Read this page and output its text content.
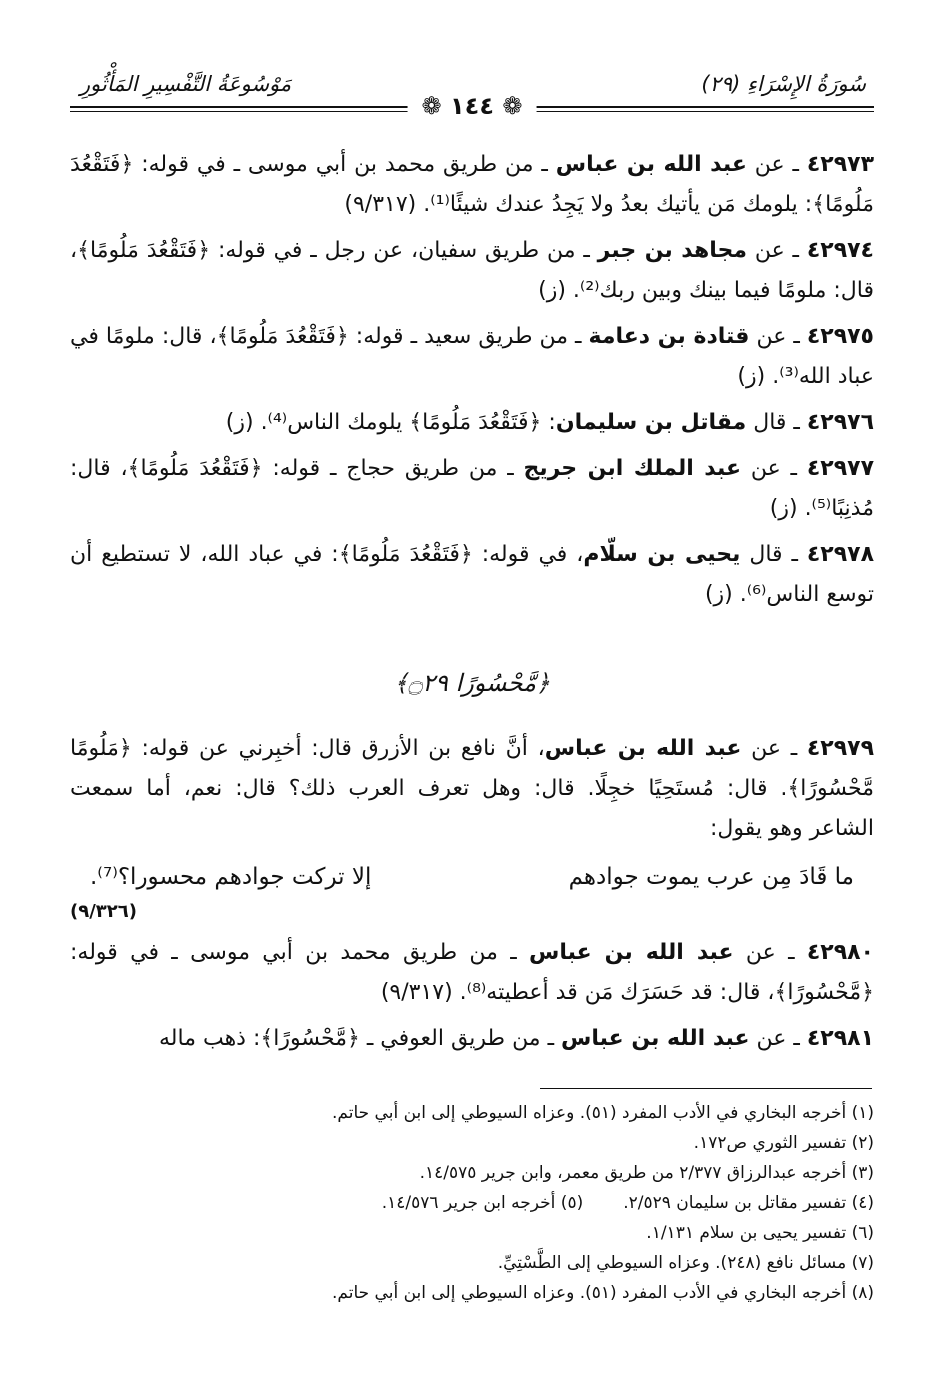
مَوْسُوعَةُ التَّفْسِيرِ المَأْثُورِ	سُورَةُ الإِسْرَاءِ (٢٩)
❁ ١٤٤ ❁

٤٢٩٧٣ ـ عن عبد الله بن عباس ـ من طريق محمد بن أبي موسى ـ في قوله: ﴿فَتَقْعُدَ مَلُومًا﴾: يلومك مَن يأتيك بعدُ ولا يَجِدُ عندك شيئًا⁽¹⁾. (٩/٣١٧)

٤٢٩٧٤ ـ عن مجاهد بن جبر ـ من طريق سفيان، عن رجل ـ في قوله: ﴿فَتَقْعُدَ مَلُومًا﴾، قال: ملومًا فيما بينك وبين ربك⁽²⁾. (ز)

٤٢٩٧٥ ـ عن قتادة بن دعامة ـ من طريق سعيد ـ قوله: ﴿فَتَقْعُدَ مَلُومًا﴾، قال: ملومًا في عباد الله⁽³⁾. (ز)

٤٢٩٧٦ ـ قال مقاتل بن سليمان: ﴿فَتَقْعُدَ مَلُومًا﴾ يلومك الناس⁽⁴⁾. (ز)

٤٢٩٧٧ ـ عن عبد الملك ابن جريج ـ من طريق حجاج ـ قوله: ﴿فَتَقْعُدَ مَلُومًا﴾، قال: مُذنِبًا⁽⁵⁾. (ز)

٤٢٩٧٨ ـ قال يحيى بن سلّام، في قوله: ﴿فَتَقْعُدَ مَلُومًا﴾: في عباد الله، لا تستطيع أن توسع الناس⁽⁶⁾. (ز)

﴿مَّحْسُورًا ۝٢٩﴾

٤٢٩٧٩ ـ عن عبد الله بن عباس، أنَّ نافع بن الأزرق قال: أخبِرني عن قوله: ﴿مَلُومًا مَّحْسُورًا﴾. قال: مُستَحِيًا خجِلًا. قال: وهل تعرف العرب ذلك؟ قال: نعم، أما سمعت الشاعر وهو يقول:

ما قَادَ مِن عرب يموت جوادهم
إلا تركت جوادهم محسورا؟⁽⁷⁾.
(٩/٣٢٦)

٤٢٩٨٠ ـ عن عبد الله بن عباس ـ من طريق محمد بن أبي موسى ـ في قوله: ﴿مَّحْسُورًا﴾، قال: قد حَسَرَك مَن قد أعطيته⁽⁸⁾. (٩/٣١٧)

٤٢٩٨١ ـ عن عبد الله بن عباس ـ من طريق العوفي ـ ﴿مَّحْسُورًا﴾: ذهب ماله

(١) أخرجه البخاري في الأدب المفرد (٥١). وعزاه السيوطي إلى ابن أبي حاتم.
(٢) تفسير الثوري ص١٧٢.
(٣) أخرجه عبدالرزاق ٢/٣٧٧ من طريق معمر، وابن جرير ١٤/٥٧٥.
(٤) تفسير مقاتل بن سليمان ٢/٥٢٩.
(٥) أخرجه ابن جرير ١٤/٥٧٦.
(٦) تفسير يحيى بن سلام ١/١٣١.
(٧) مسائل نافع (٢٤٨). وعزاه السيوطي إلى الطَّسْتِيِّ.
(٨) أخرجه البخاري في الأدب المفرد (٥١). وعزاه السيوطي إلى ابن أبي حاتم.
